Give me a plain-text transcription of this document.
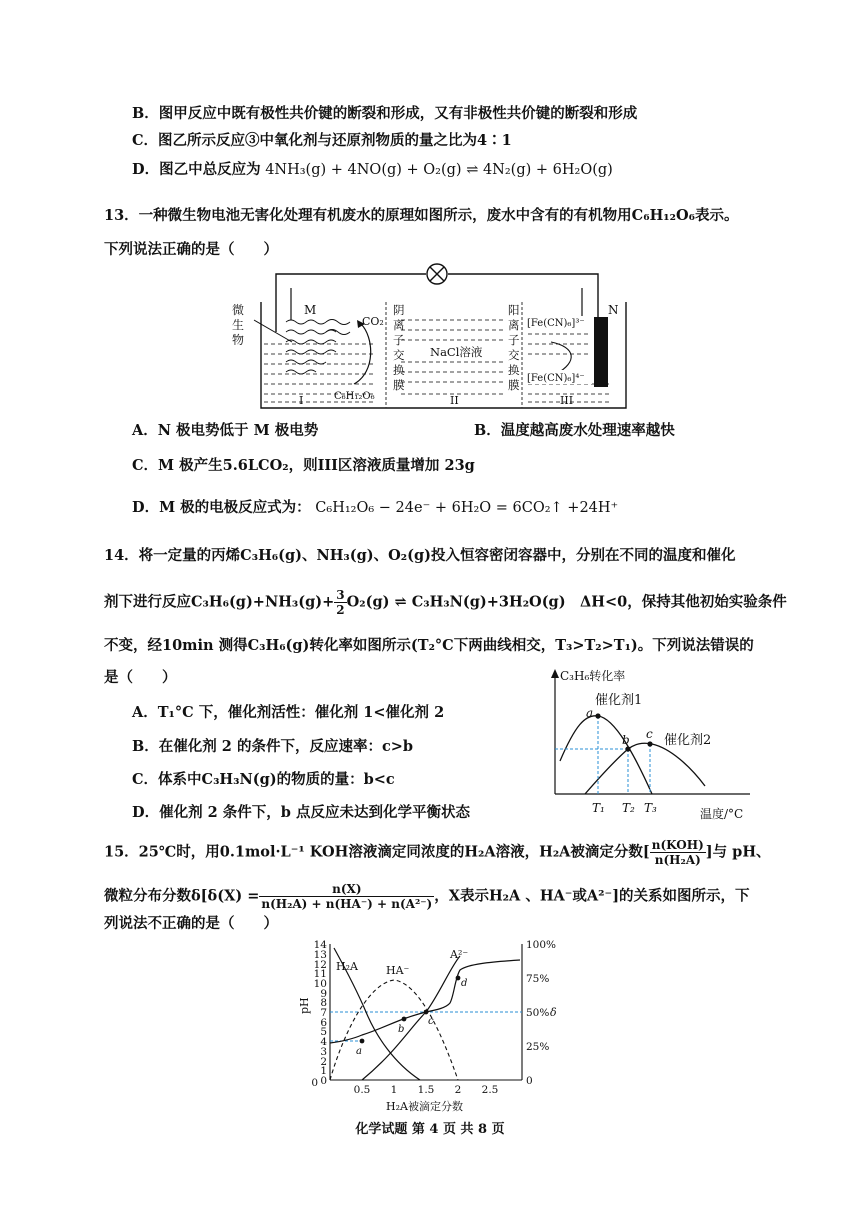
B．图甲反应中既有极性共价键的断裂和形成，又有非极性共价键的断裂和形成
C．图乙所示反应③中氧化剂与还原剂物质的量之比为4∶1
D．图乙中总反应为 4NH₃(g) + 4NO(g) + O₂(g) ⇌ 4N₂(g) + 6H₂O(g)
13．一种微生物电池无害化处理有机废水的原理如图所示，废水中含有的有机物用C₆H₁₂O₆表示。
下列说法正确的是（　　）
微
生
物
M	N
CO₂
C₆H₁₂O₆
阴
离
子
交
换
膜
阳
离
子
交
换
膜
NaCl溶液
[Fe(CN)₆]³⁻
[Fe(CN)₆]⁴⁻
I	II	III
A．N 极电势低于 M 极电势	B．温度越高废水处理速率越快
C．M 极产生5.6LCO₂，则III区溶液质量增加 23g
D．M 极的电极反应式为： C₆H₁₂O₆ − 24e⁻ + 6H₂O = 6CO₂↑ +24H⁺
14．将一定量的丙烯C₃H₆(g)、NH₃(g)、O₂(g)投入恒容密闭容器中，分别在不同的温度和催化
剂下进行反应$C_3H_6(g)+NH_3(g)+ \frac{3}{2} O_2(g)$ ⇌ C₃H₃N(g)+3H₂O(g)　ΔH<0，保持其他初始实验条件
不变，经10min 测得C₃H₆(g)转化率如图所示(T₂°C下两曲线相交，T₃>T₂>T₁)。下列说法错误的
是（　　）
A．T₁°C 下，催化剂活性：催化剂 1<催化剂 2
B．在催化剂 2 的条件下，反应速率：c>b
C．体系中C₃H₃N(g)的物质的量：b<c
D．催化剂 2 条件下，b 点反应未达到化学平衡状态
C₃H₆转化率
温度/°C
催化剂1
催化剂2
a
b c
T₁ T₂ T₃
15．25℃时，用0.1mol·L⁻¹ KOH溶液滴定同浓度的H₂A溶液，H₂A被滴定分数[ $\frac{\text{n(KOH)}}{\text{n(H₂A)}}$ ]与 pH、
微粒分布分数$\delta[\delta(X) = \frac{n(X)}{\text{n(H₂A) + n(HA⁻) + n(A²⁻)}}$ ，X表示H₂A 、HA⁻或A²⁻]的关系如图所示，下
列说法不正确的是（　　）
0
1
2
3
4
5
6
7
8
9
10
11
12
13
14
0.5 1 1.5 2 2.5
0	0
25%
50%
75%
100%
pH	δ
H₂A被滴定分数
H₂A	HA⁻
A²⁻
a
b
c
d
化学试题 第 4 页 共 8 页
